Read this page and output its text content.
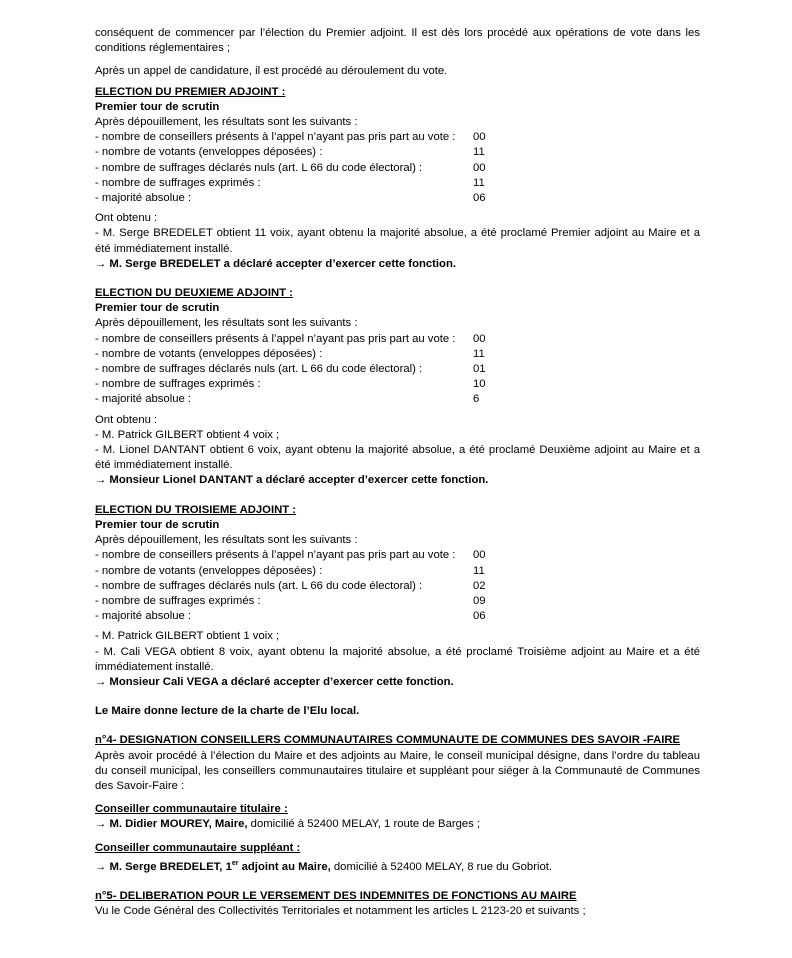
conséquent de commencer par l’élection du Premier adjoint. Il est dès lors procédé aux opérations de vote dans les conditions réglementaires ;

Après un appel de candidature, il est procédé au déroulement du vote.

ELECTION DU PREMIER ADJOINT :
Premier tour de scrutin
Après dépouillement, les résultats sont les suivants :
- nombre de conseillers présents à l’appel n’ayant pas pris part au vote :	00
- nombre de votants (enveloppes déposées) :	11
- nombre de suffrages déclarés nuls (art. L 66 du code électoral) :	00
- nombre de suffrages exprimés :	11
- majorité absolue :	06
Ont obtenu :

- M. Serge BREDELET obtient 11 voix, ayant obtenu la majorité absolue, a été proclamé Premier adjoint au Maire et a été immédiatement installé.

→ M. Serge BREDELET a déclaré accepter d’exercer cette fonction.
ELECTION DU DEUXIEME ADJOINT :
Premier tour de scrutin
Après dépouillement, les résultats sont les suivants :
- nombre de conseillers présents à l’appel n’ayant pas pris part au vote :	00
- nombre de votants (enveloppes déposées) :	11
- nombre de suffrages déclarés nuls (art. L 66 du code électoral) :	01
- nombre de suffrages exprimés :	10
- majorité absolue :	6
Ont obtenu :

- M. Patrick GILBERT obtient 4 voix ;

- M. Lionel DANTANT obtient 6 voix, ayant obtenu la majorité absolue, a été proclamé Deuxième adjoint au Maire et a été immédiatement installé.

→ Monsieur Lionel DANTANT a déclaré accepter d’exercer cette fonction.
ELECTION DU TROISIEME ADJOINT :
Premier tour de scrutin
Après dépouillement, les résultats sont les suivants :
- nombre de conseillers présents à l’appel n’ayant pas pris part au vote :	00
- nombre de votants (enveloppes déposées) :	11
- nombre de suffrages déclarés nuls (art. L 66 du code électoral) :	02
- nombre de suffrages exprimés :	09
- majorité absolue :	06

- M. Patrick GILBERT obtient 1 voix ;

- M. Cali VEGA obtient 8 voix, ayant obtenu la majorité absolue, a été proclamé Troisième adjoint au Maire et a été immédiatement installé.

→ Monsieur Cali VEGA a déclaré accepter d’exercer cette fonction.
Le Maire donne lecture de la charte de l’Elu local.
n°4- DESIGNATION CONSEILLERS COMMUNAUTAIRES COMMUNAUTE DE COMMUNES DES SAVOIR -FAIRE

Après avoir procédé à l’élection du Maire et des adjoints au Maire, le conseil municipal désigne, dans l’ordre du tableau du conseil municipal, les conseillers communautaires titulaire et suppléant pour siéger à la Communauté de Communes des Savoir-Faire :

Conseiller communautaire titulaire :
→ M. Didier MOUREY, Maire, domicilié à 52400 MELAY, 1 route de Barges ;
Conseiller communautaire suppléant :
→ M. Serge BREDELET, 1er adjoint au Maire, domicilié à 52400 MELAY, 8 rue du Gobriot.
n°5- DELIBERATION POUR LE VERSEMENT DES INDEMNITES DE FONCTIONS AU MAIRE
Vu le Code Général des Collectivités Territoriales et notamment les articles L 2123-20 et suivants ;
